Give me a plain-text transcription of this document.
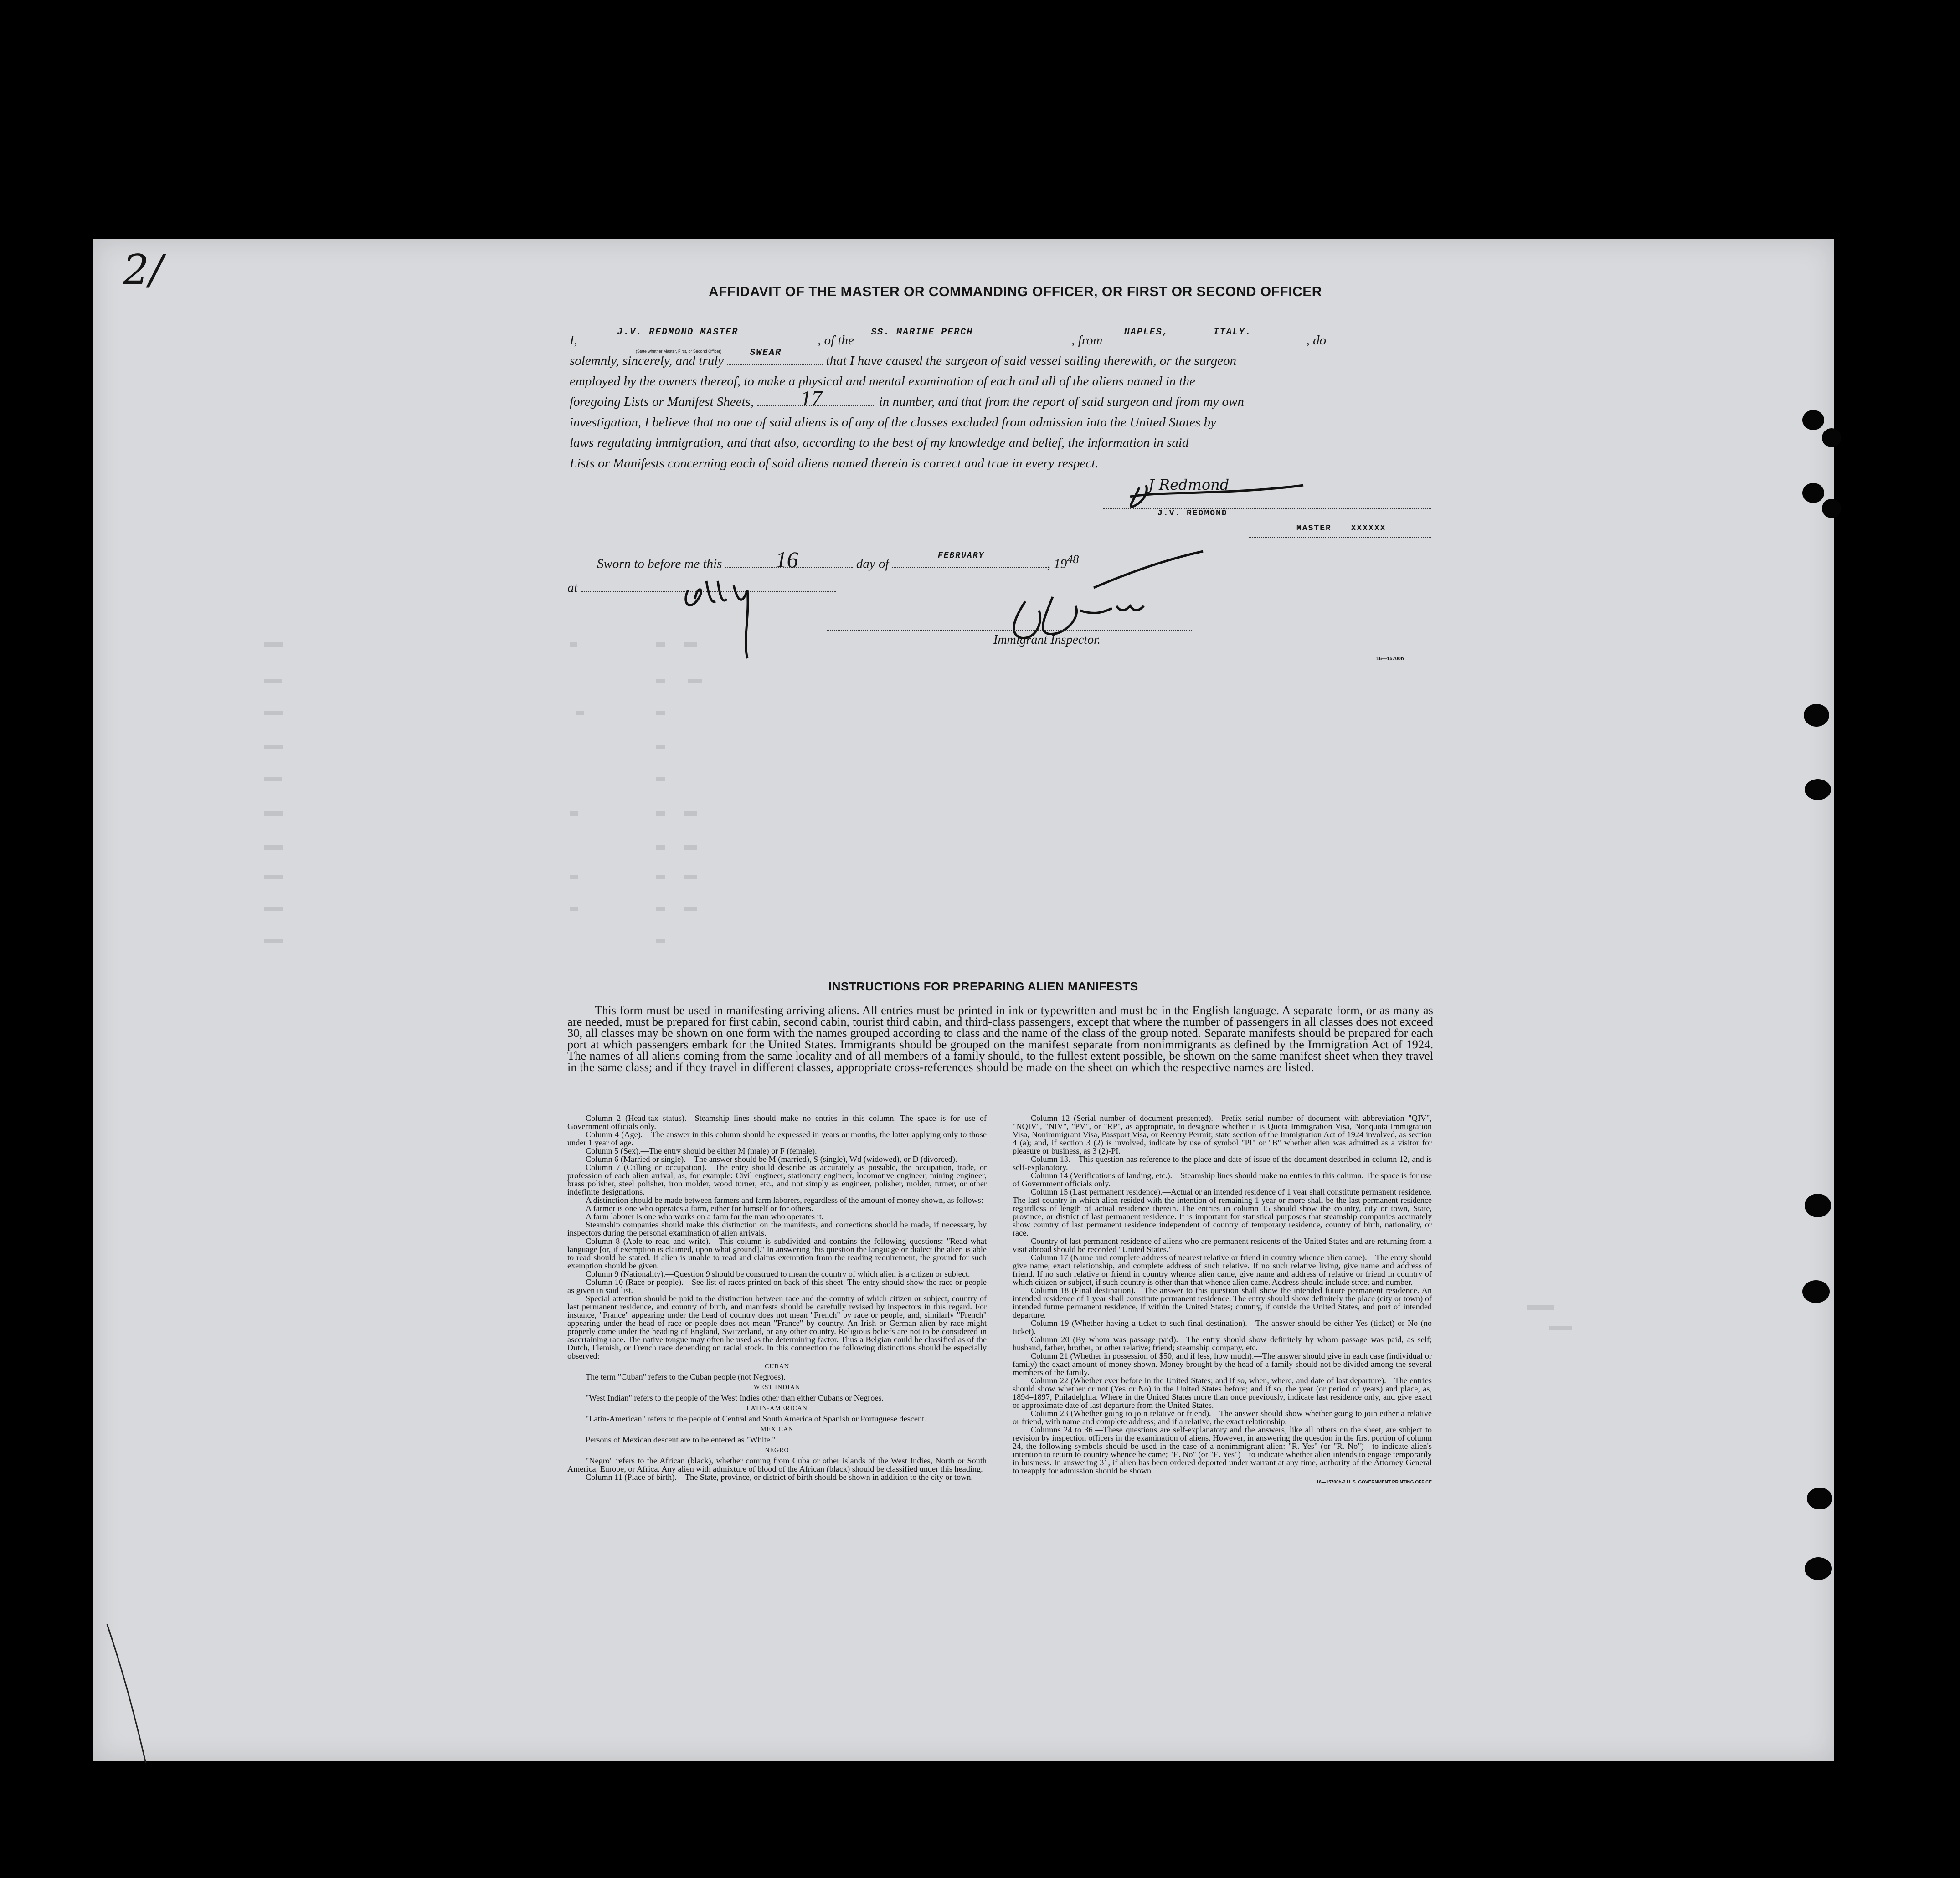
2/	AFFIDAVIT OF THE MASTER OR COMMANDING OFFICER, OR FIRST OR SECOND OFFICER
I,
J.V. REDMOND MASTER
, of the
SS. MARINE PERCH
, from
NAPLES,       ITALY.
, do
(State whether Master, First, or Second Officer)
solemnly, sincerely, and truly
SWEAR
that I have caused the surgeon of said vessel sailing therewith, or the surgeon
employed by the owners thereof, to make a physical and mental examination of each and all of the aliens named in the
foregoing Lists or Manifest Sheets, 17	in number, and that from the report of said surgeon and from my own
investigation, I believe that no one of said aliens is of any of the classes excluded from admission into the United States by
laws regulating immigration, and that also, according to the best of my knowledge and belief, the information in said
Lists or Manifests concerning each of said aliens named therein is correct and true in every respect.
J Redmond
J.V. REDMOND
MASTER XXXXXX
Sworn to before me this 16	day of
FEBRUARY
, 1948
at
Immigrant Inspector.
16—15700b
INSTRUCTIONS FOR PREPARING ALIEN MANIFESTS
This form must be used in manifesting arriving aliens. All entries must be printed in ink or typewritten and must be in the English language. A separate form, or as many as are needed, must be prepared for first cabin, second cabin, tourist third cabin, and third-class passengers, except that where the number of passengers in all classes does not exceed 30, all classes may be shown on one form with the names grouped according to class and the name of the class of the group noted. Separate manifests should be prepared for each port at which passengers embark for the United States. Immigrants should be grouped on the manifest separate from nonimmigrants as defined by the Immigration Act of 1924. The names of all aliens coming from the same locality and of all members of a family should, to the fullest extent possible, be shown on the same manifest sheet when they travel in the same class; and if they travel in different classes, appropriate cross-references should be made on the sheet on which the respective names are listed.

Column 2 (Head-tax status).—Steamship lines should make no entries in this column. The space is for use of Government officials only.

Column 4 (Age).—The answer in this column should be expressed in years or months, the latter applying only to those under 1 year of age.

Column 5 (Sex).—The entry should be either M (male) or F (female).

Column 6 (Married or single).—The answer should be M (married), S (single), Wd (widowed), or D (divorced).

Column 7 (Calling or occupation).—The entry should describe as accurately as possible, the occupation, trade, or profession of each alien arrival, as, for example: Civil engineer, stationary engineer, locomotive engineer, mining engineer, brass polisher, steel polisher, iron molder, wood turner, etc., and not simply as engineer, polisher, molder, turner, or other indefinite designations.

A distinction should be made between farmers and farm laborers, regardless of the amount of money shown, as follows:

A farmer is one who operates a farm, either for himself or for others.

A farm laborer is one who works on a farm for the man who operates it.

Steamship companies should make this distinction on the manifests, and corrections should be made, if necessary, by inspectors during the personal examination of alien arrivals.

Column 8 (Able to read and write).—This column is subdivided and contains the following questions: "Read what language [or, if exemption is claimed, upon what ground]." In answering this question the language or dialect the alien is able to read should be stated. If alien is unable to read and claims exemption from the reading requirement, the ground for such exemption should be given.

Column 9 (Nationality).—Question 9 should be construed to mean the country of which alien is a citizen or subject.

Column 10 (Race or people).—See list of races printed on back of this sheet. The entry should show the race or people as given in said list.

Special attention should be paid to the distinction between race and the country of which citizen or subject, country of last permanent residence, and country of birth, and manifests should be carefully revised by inspectors in this regard. For instance, "France" appearing under the head of country does not mean "French" by race or people, and, similarly "French" appearing under the head of race or people does not mean "France" by country. An Irish or German alien by race might properly come under the heading of England, Switzerland, or any other country. Religious beliefs are not to be considered in ascertaining race. The native tongue may often be used as the determining factor. Thus a Belgian could be classified as of the Dutch, Flemish, or French race depending on racial stock. In this connection the following distinctions should be especially observed:

CUBAN

The term "Cuban" refers to the Cuban people (not Negroes).

WEST INDIAN

"West Indian" refers to the people of the West Indies other than either Cubans or Negroes.

LATIN-AMERICAN

"Latin-American" refers to the people of Central and South America of Spanish or Portuguese descent.

MEXICAN

Persons of Mexican descent are to be entered as "White."

NEGRO

"Negro" refers to the African (black), whether coming from Cuba or other islands of the West Indies, North or South America, Europe, or Africa. Any alien with admixture of blood of the African (black) should be classified under this heading.

Column 11 (Place of birth).—The State, province, or district of birth should be shown in addition to the city or town.

Column 12 (Serial number of document presented).—Prefix serial number of document with abbreviation "QIV", "NQIV", "NIV", "PV", or "RP", as appropriate, to designate whether it is Quota Immigration Visa, Nonquota Immigration Visa, Nonimmigrant Visa, Passport Visa, or Reentry Permit; state section of the Immigration Act of 1924 involved, as section 4 (a); and, if section 3 (2) is involved, indicate by use of symbol "PI" or "B" whether alien was admitted as a visitor for pleasure or business, as 3 (2)-PI.

Column 13.—This question has reference to the place and date of issue of the document described in column 12, and is self-explanatory.

Column 14 (Verifications of landing, etc.).—Steamship lines should make no entries in this column. The space is for use of Government officials only.

Column 15 (Last permanent residence).—Actual or an intended residence of 1 year shall constitute permanent residence. The last country in which alien resided with the intention of remaining 1 year or more shall be the last permanent residence regardless of length of actual residence therein. The entries in column 15 should show the country, city or town, State, province, or district of last permanent residence. It is important for statistical purposes that steamship companies accurately show country of last permanent residence independent of country of temporary residence, country of birth, nationality, or race.

Country of last permanent residence of aliens who are permanent residents of the United States and are returning from a visit abroad should be recorded "United States."

Column 17 (Name and complete address of nearest relative or friend in country whence alien came).—The entry should give name, exact relationship, and complete address of such relative. If no such relative living, give name and address of friend. If no such relative or friend in country whence alien came, give name and address of relative or friend in country of which citizen or subject, if such country is other than that whence alien came. Address should include street and number.

Column 18 (Final destination).—The answer to this question shall show the intended future permanent residence. An intended residence of 1 year shall constitute permanent residence. The entry should show definitely the place (city or town) of intended future permanent residence, if within the United States; country, if outside the United States, and port of intended departure.

Column 19 (Whether having a ticket to such final destination).—The answer should be either Yes (ticket) or No (no ticket).

Column 20 (By whom was passage paid).—The entry should show definitely by whom passage was paid, as self; husband, father, brother, or other relative; friend; steamship company, etc.

Column 21 (Whether in possession of $50, and if less, how much).—The answer should give in each case (individual or family) the exact amount of money shown. Money brought by the head of a family should not be divided among the several members of the family.

Column 22 (Whether ever before in the United States; and if so, when, where, and date of last departure).—The entries should show whether or not (Yes or No) in the United States before; and if so, the year (or period of years) and place, as, 1894–1897, Philadelphia. Where in the United States more than once previously, indicate last residence only, and give exact or approximate date of last departure from the United States.

Column 23 (Whether going to join relative or friend).—The answer should show whether going to join either a relative or friend, with name and complete address; and if a relative, the exact relationship.

Columns 24 to 36.—These questions are self-explanatory and the answers, like all others on the sheet, are subject to revision by inspection officers in the examination of aliens. However, in answering the question in the first portion of column 24, the following symbols should be used in the case of a nonimmigrant alien: "R. Yes" (or "R. No")—to indicate alien's intention to return to country whence he came; "E. No" (or "E. Yes")—to indicate whether alien intends to engage temporarily in business. In answering 31, if alien has been ordered deported under warrant at any time, authority of the Attorney General to reapply for admission should be shown.

16—15700b-2 U. S. GOVERNMENT PRINTING OFFICE
